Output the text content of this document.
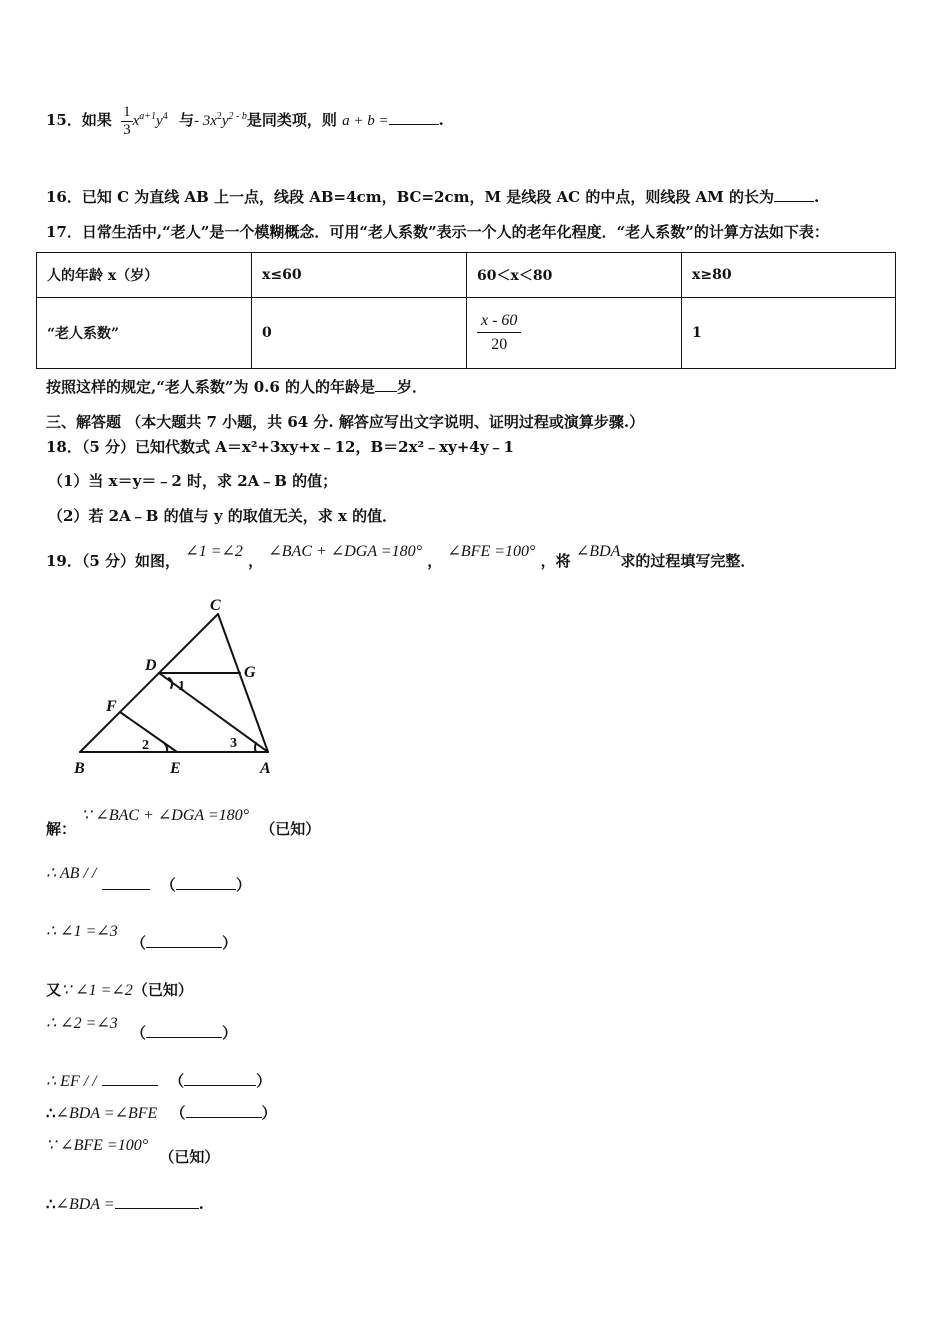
15．如果 $\frac{1}{3} x^{a+1}y^4$ 与- $3x^2y^{2 - b}$是同类项，则 a + b =	.
16．已知 C 为直线 AB 上一点，线段 AB=4cm，BC=2cm，M 是线段 AC 的中点，则线段 AM 的长为	.
17．日常生活中,“老人”是一个模糊概念．可用“老人系数”表示一个人的老年化程度．“老人系数”的计算方法如下表：
人的年龄 x（岁）	x≤60	60＜x＜80	x≥80
“老人系数”	0	$\frac{x - 60}{20}$	1
按照这样的规定,“老人系数”为 0.6 的人的年龄是 岁．
三、解答题 （本大题共 7 小题，共 64 分. 解答应写出文字说明、证明过程或演算步骤.）
18．（5 分）已知代数式 A＝x²+3xy+x﹣12，B＝2x²﹣xy+4y﹣1
（1）当 x＝y＝﹣2 时，求 2A﹣B 的值；
（2）若 2A﹣B 的值与 y 的取值无关，求 x 的值．
19．（5 分）如图， ∠1 =∠2 ， ∠BAC + ∠DGA =180° ， ∠BFE =100° ，将 ∠BDA求的过程填写完整．
C
D	G
1
F
2	3
B	E	A
解： ∵ ∠BAC + ∠DGA =180° （已知）
∴ AB / /  （	）
∴ ∠1 =∠3 （	）
又∵ ∠1 =∠2（已知）
∴ ∠2 =∠3 （	）
∴ EF / /	（	）
∴∠BDA =∠BFE （	）
∵ ∠BFE =100° （已知）
∴∠BDA =	.
